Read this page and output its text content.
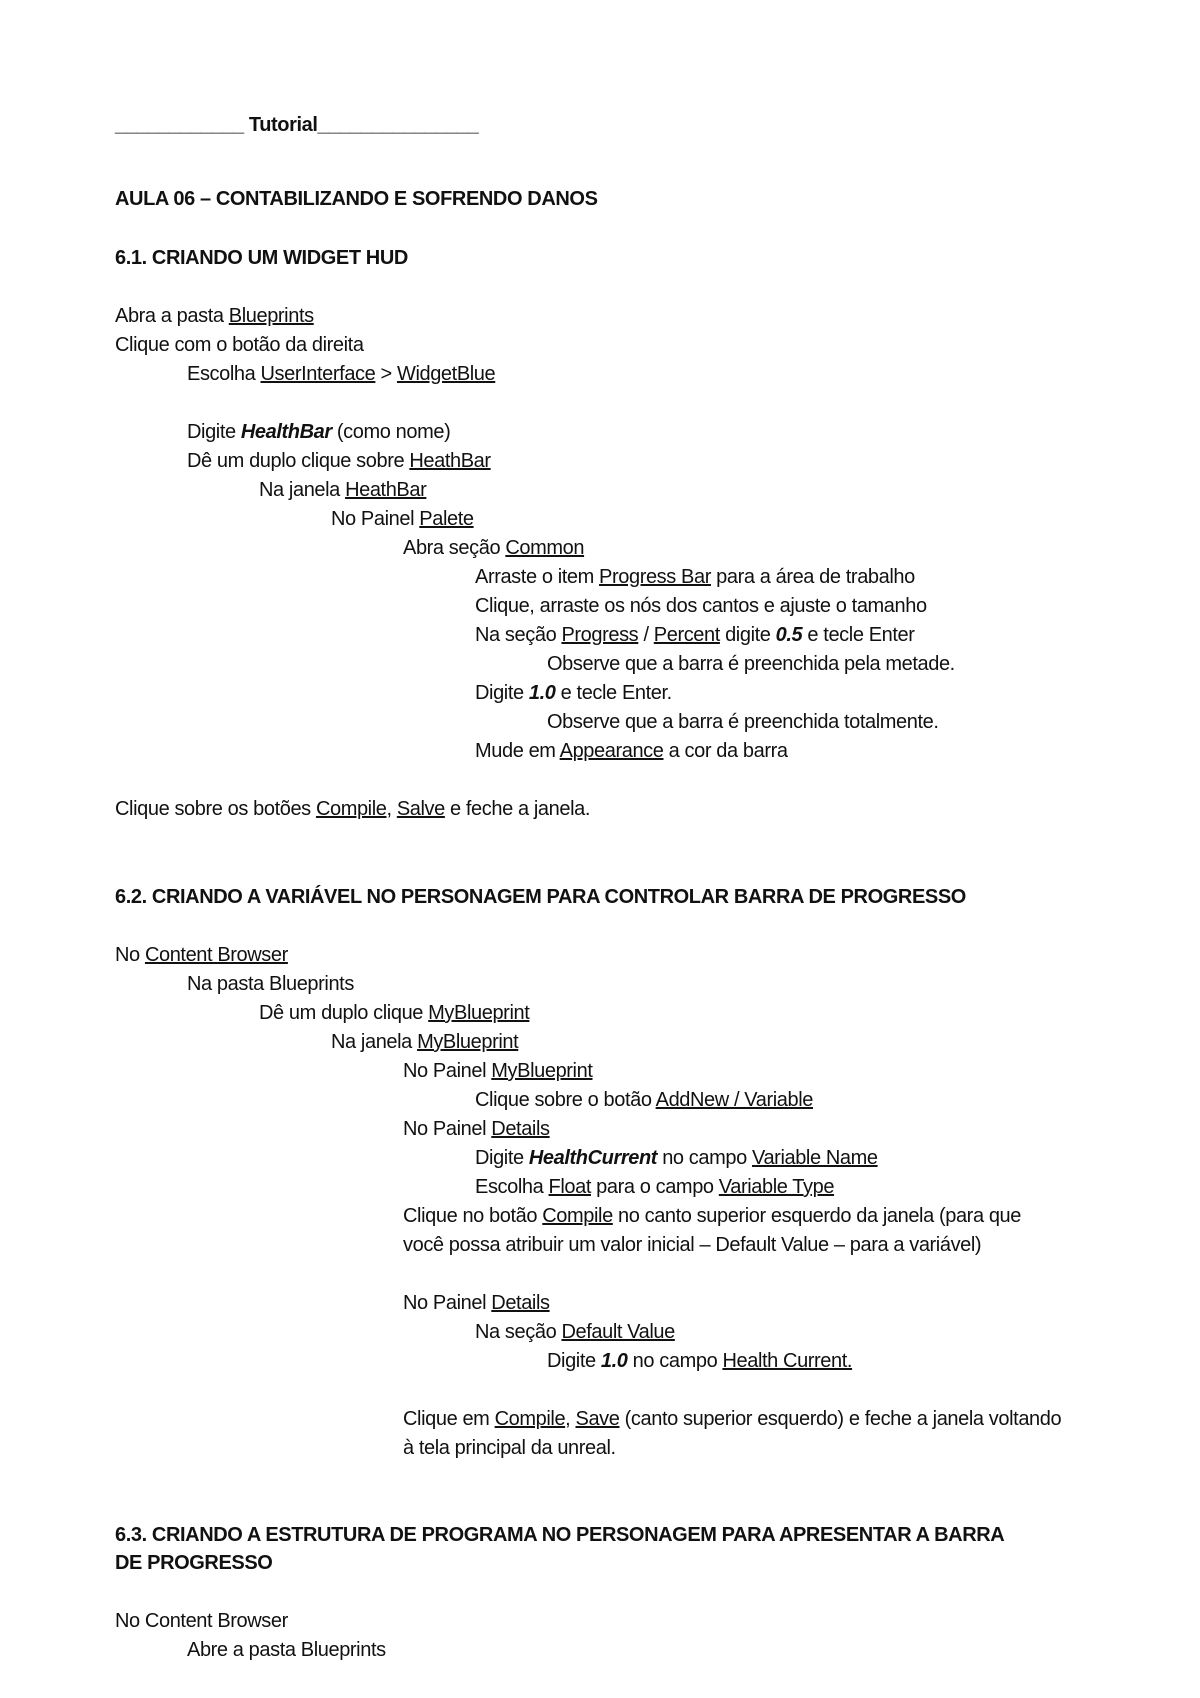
____________ Tutorial_______________
AULA 06 – CONTABILIZANDO E SOFRENDO DANOS
6.1. CRIANDO UM WIDGET HUD
Abra a pasta Blueprints
Clique com o botão da direita
Escolha UserInterface > WidgetBlue
Digite HealthBar (como nome)
Dê um duplo clique sobre HeathBar
Na janela HeathBar
No Painel Palete
Abra seção Common
Arraste o item Progress Bar para a área de trabalho
Clique, arraste os nós dos cantos e ajuste o tamanho
Na seção Progress / Percent digite 0.5 e tecle Enter
Observe que a barra é preenchida pela metade.
Digite 1.0 e tecle Enter.
Observe que a barra é preenchida totalmente.
Mude em Appearance a cor da barra
Clique sobre os botões Compile, Salve e feche a janela.
6.2. CRIANDO A VARIÁVEL NO PERSONAGEM PARA CONTROLAR BARRA DE PROGRESSO
No Content Browser
Na pasta Blueprints
Dê um duplo clique MyBlueprint
Na janela MyBlueprint
No Painel MyBlueprint
Clique sobre o botão AddNew / Variable
No Painel Details
Digite HealthCurrent no campo Variable Name
Escolha Float para o campo Variable Type
Clique no botão Compile no canto superior esquerdo da janela (para que
você possa atribuir um valor inicial – Default Value – para a variável)
No Painel Details
Na seção Default Value
Digite 1.0 no campo Health Current.
Clique em Compile, Save (canto superior esquerdo) e feche a janela voltando
à tela principal da unreal.
6.3. CRIANDO A ESTRUTURA DE PROGRAMA NO PERSONAGEM PARA APRESENTAR A BARRA
DE PROGRESSO
No Content Browser
Abre a pasta Blueprints
